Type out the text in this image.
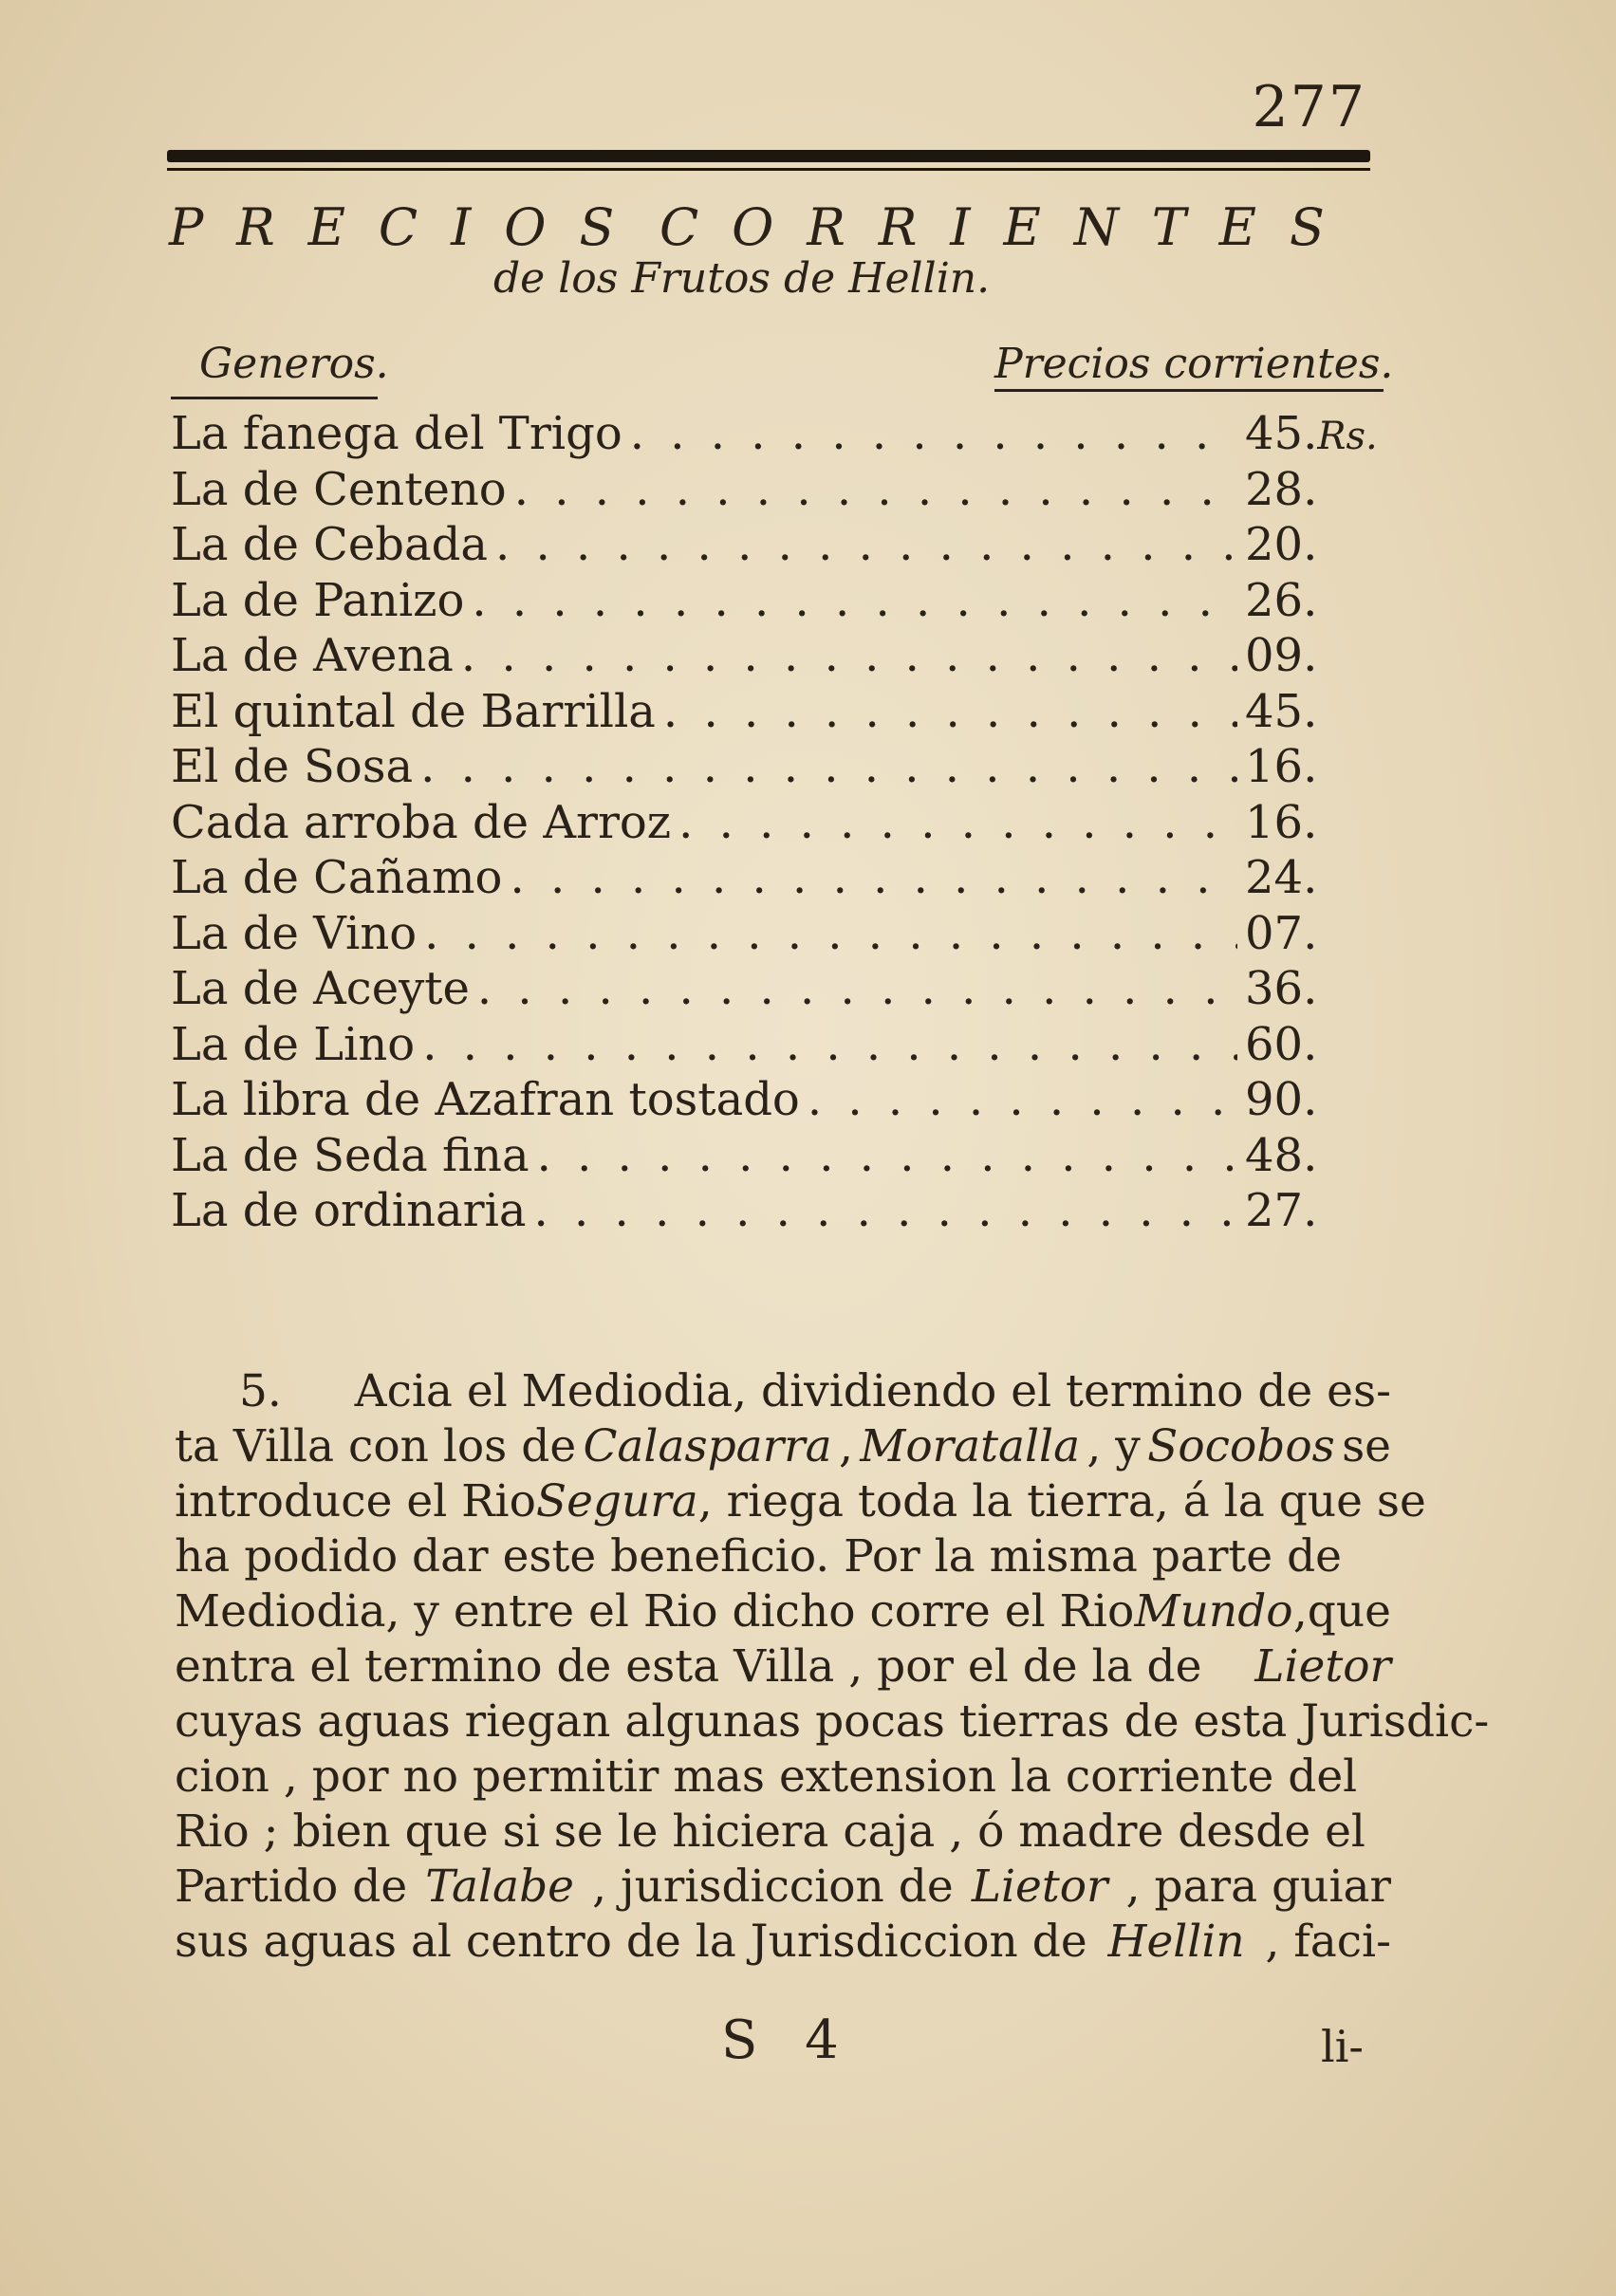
277
P R E C I O S C O R R I E N T E S
de los Frutos de Hellin.
Generos.	Precios corrientes.
La fanega del Trigo . . .	45.Rs.
La de Centeno . . .	28.
La de Cebada . . .	20.
La de Panizo . . .	26.
La de Avena . . .	09.
El quintal de Barrilla . . .	45.
El de Sosa . . .	16.
Cada arroba de Arroz . . .	16.
La de Cañamo . . .	24.
La de Vino . . .	07.
La de Aceyte . . .	36.
La de Lino . . .	60.
La libra de Azafran tostado . . .	90.
La de Seda fina . . .	48.
La de ordinaria . . .	27.
5. Acia el Mediodia, dividiendo el termino de es-
ta Villa con los de Calasparra , Moratalla , y Socobos se
introduce el Rio Segura , riega toda la tierra, á la que se
ha podido dar este beneficio. Por la misma parte de
Mediodia, y entre el Rio dicho corre el Rio Mundo ,que
entra el termino de esta Villa , por el de la de Lietor
cuyas aguas riegan algunas pocas tierras de esta Jurisdic-
cion , por no permitir mas extension la corriente del
Rio ; bien que si se le hiciera caja , ó madre desde el
Partido de Talabe , jurisdiccion de Lietor , para guiar
sus aguas al centro de la Jurisdiccion de Hellin , faci-
S 4	li-
